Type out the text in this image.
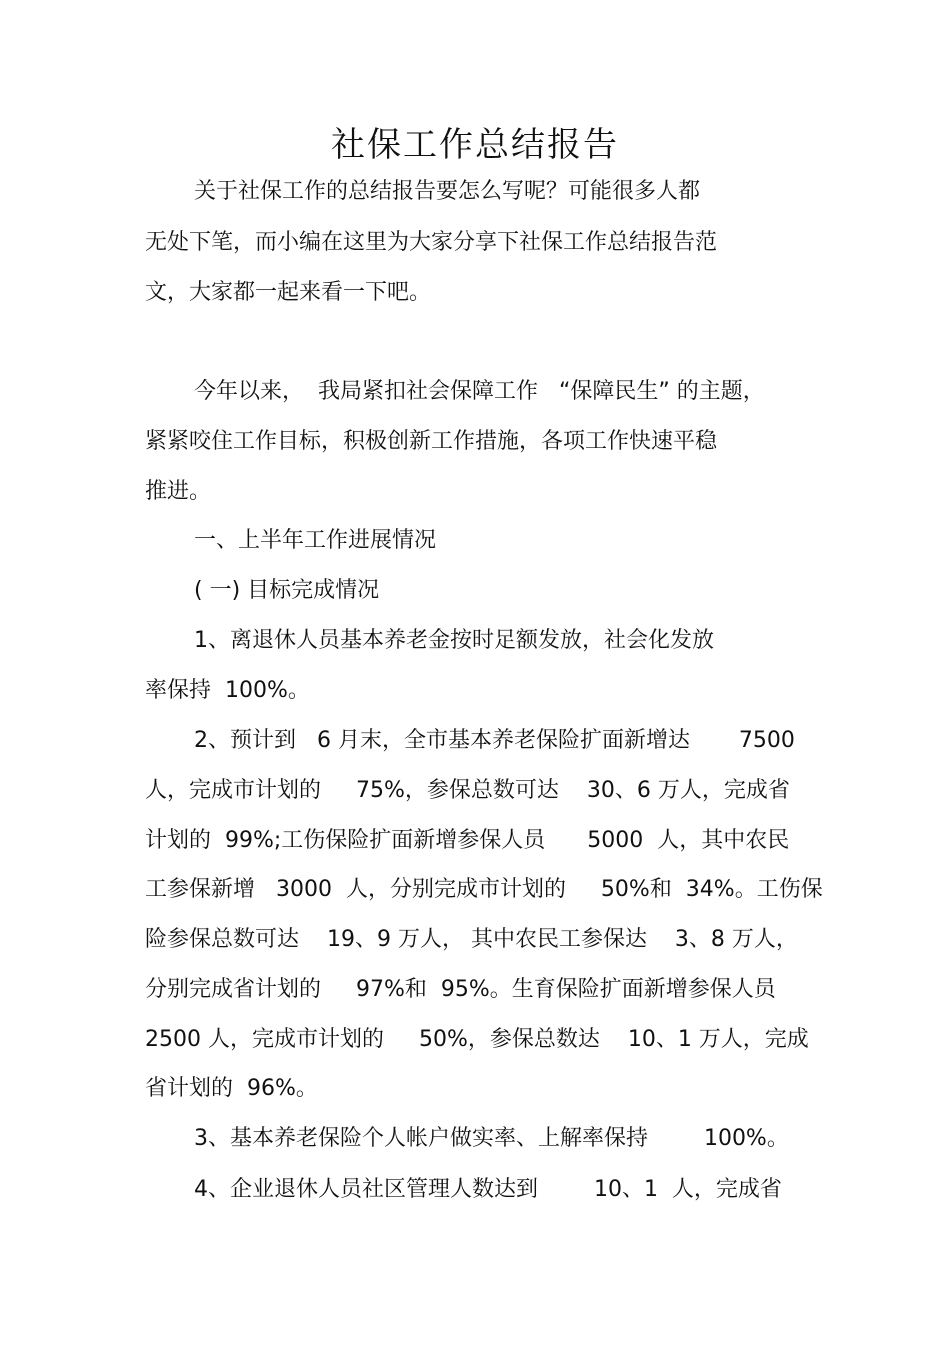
社保工作总结报告

关于社保工作的总结报告要怎么写呢？可能很多人都

无处下笔，而小编在这里为大家分享下社保工作总结报告范

文，大家都一起来看一下吧。

今年以来，  我局紧扣社会保障工作   “保障民生” 的主题，

紧紧咬住工作目标，积极创新工作措施，各项工作快速平稳

推进。

一、上半年工作进展情况

( 一) 目标完成情况

1、离退休人员基本养老金按时足额发放，社会化发放

率保持  100%。

2、预计到   6 月末，全市基本养老保险扩面新增达       7500

人，完成市计划的     75%，参保总数可达    30、6 万人，完成省

计划的  99%;工伤保险扩面新增参保人员      5000  人，其中农民

工参保新增   3000  人，分别完成市计划的     50%和  34%。工伤保

险参保总数可达    19、9 万人， 其中农民工参保达    3、8 万人，

分别完成省计划的     97%和  95%。生育保险扩面新增参保人员

2500 人，完成市计划的     50%，参保总数达    10、1 万人，完成

省计划的  96%。

3、基本养老保险个人帐户做实率、上解率保持        100%。

4、企业退休人员社区管理人数达到        10、1  人，完成省
